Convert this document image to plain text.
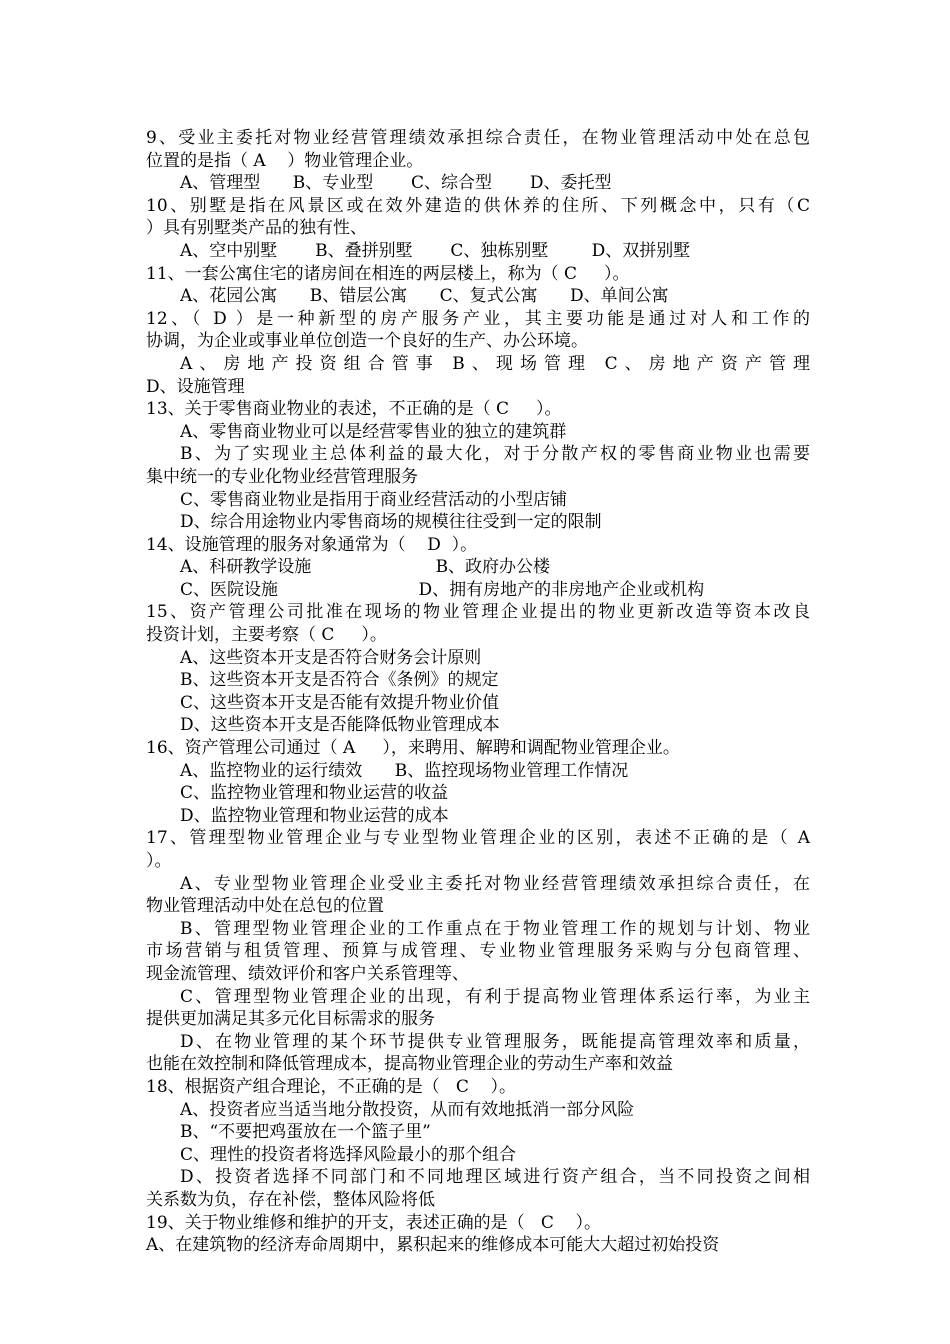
9、受业主委托对物业经营管理绩效承担综合责任，在物业管理活动中处在总包
位置的是指（ A    ）物业管理企业。
A、管理型      B、专业型       C、综合型       D、委托型
10、别墅是指在风景区或在效外建造的供休养的住所、下列概念中，只有（C
）具有别墅类产品的独有性、
A、空中别墅       B、叠拼别墅       C、独栋别墅        D、双拼别墅
11、一套公寓住宅的诸房间在相连的两层楼上，称为（ C     ）。
A、花园公寓      B、错层公寓      C、复式公寓      D、单间公寓
12、（ D ）是一种新型的房产服务产业，其主要功能是通过对人和工作的
协调，为企业或事业单位创造一个良好的生产、办公环境。
A、房地产投资组合管事 B、现场管理 C、房地产资产管理
D、设施管理
13、关于零售商业物业的表述，不正确的是（ C     ）。
A、零售商业物业可以是经营零售业的独立的建筑群
B、为了实现业主总体利益的最大化，对于分散产权的零售商业物业也需要
集中统一的专业化物业经营管理服务
C、零售商业物业是指用于商业经营活动的小型店铺
D、综合用途物业内零售商场的规模往往受到一定的限制
14、设施管理的服务对象通常为（    D  ）。
A、科研教学设施                       B、政府办公楼
C、医院设施                          D、拥有房地产的非房地产企业或机构
15、资产管理公司批准在现场的物业管理企业提出的物业更新改造等资本改良
投资计划，主要考察（ C     ）。
A、这些资本开支是否符合财务会计原则
B、这些资本开支是否符合《条例》的规定
C、这些资本开支是否能有效提升物业价值
D、这些资本开支是否能降低物业管理成本
16、资产管理公司通过（ A     ），来聘用、解聘和调配物业管理企业。
A、监控物业的运行绩效      B、监控现场物业管理工作情况
C、监控物业管理和物业运营的收益
D、监控物业管理和物业运营的成本
17、管理型物业管理企业与专业型物业管理企业的区别，表述不正确的是（ A
）。
A、专业型物业管理企业受业主委托对物业经营管理绩效承担综合责任，在
物业管理活动中处在总包的位置
B、管理型物业管理企业的工作重点在于物业管理工作的规划与计划、物业
市场营销与租赁管理、预算与成管理、专业物业管理服务采购与分包商管理、
现金流管理、绩效评价和客户关系管理等、
C、管理型物业管理企业的出现，有利于提高物业管理体系运行率，为业主
提供更加满足其多元化目标需求的服务
D、在物业管理的某个环节提供专业管理服务，既能提高管理效率和质量，
也能在效控制和降低管理成本，提高物业管理企业的劳动生产率和效益
18、根据资产组合理论，不正确的是（   C    ）。
A、投资者应当适当地分散投资，从而有效地抵消一部分风险
B、“不要把鸡蛋放在一个篮子里”
C、理性的投资者将选择风险最小的那个组合
D、投资者选择不同部门和不同地理区域进行资产组合，当不同投资之间相
关系数为负，存在补偿，整体风险将低
19、关于物业维修和维护的开支，表述正确的是（   C    ）。
A、在建筑物的经济寿命周期中，累积起来的维修成本可能大大超过初始投资
